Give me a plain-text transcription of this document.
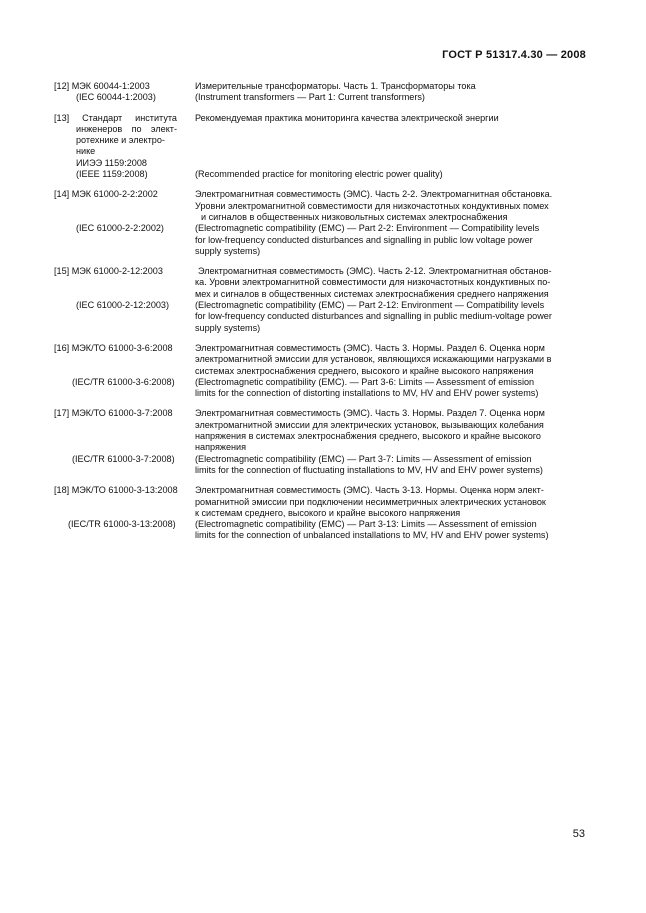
ГОСТ Р 51317.4.30 — 2008
[12] МЭК 60044-1:2003
(IEC 60044-1:2003)
Измерительные трансформаторы. Часть 1. Трансформаторы тока
(Instrument transformers — Part 1: Current transformers)
[13] Стандарт института
инженеров по элект-
ротехнике и электро-
нике
ИИЭЭ 1159:2008
(IEEE 1159:2008)
Рекомендуемая практика мониторинга качества электрической энергии
(Recommended practice for monitoring electric power quality)
[14] МЭК 61000-2-2:2002
(IEC 61000-2-2:2002)
Электромагнитная совместимость (ЭМС). Часть 2-2. Электромагнитная обстановка.
Уровни электромагнитной совместимости для низкочастотных кондуктивных помех
и сигналов в общественных низковольтных системах электроснабжения
(Electromagnetic compatibility (EMC) — Part 2-2: Environment — Compatibility levels
for low-frequency conducted disturbances and signalling in public low voltage power
supply systems)
[15] МЭК 61000-2-12:2003
(IEC 61000-2-12:2003)
Электромагнитная совместимость (ЭМС). Часть 2-12. Электромагнитная обстанов-
ка. Уровни электромагнитной совместимости для низкочастотных кондуктивных по-
мех и сигналов в общественных системах электроснабжения среднего напряжения
(Electromagnetic compatibility (EMC) — Part 2-12: Environment — Compatibility levels
for low-frequency conducted disturbances and signalling in public medium-voltage power
supply systems)
[16] МЭК/ТО 61000-3-6:2008
(IEC/TR 61000-3-6:2008)
Электромагнитная совместимость (ЭМС). Часть 3. Нормы. Раздел 6. Оценка норм
электромагнитной эмиссии для установок, являющихся искажающими нагрузками в
системах электроснабжения среднего, высокого и крайне высокого напряжения
(Electromagnetic compatibility (EMC). — Part 3-6: Limits — Assessment of emission
limits for the connection of distorting installations to MV, HV and EHV power systems)
[17] МЭК/ТО 61000-3-7:2008
(IEC/TR 61000-3-7:2008)
Электромагнитная совместимость (ЭМС). Часть 3. Нормы. Раздел 7. Оценка норм
электромагнитной эмиссии для электрических установок, вызывающих колебания
напряжения в системах электроснабжения среднего, высокого и крайне высокого
напряжения
(Electromagnetic compatibility (EMC) — Part 3-7: Limits — Assessment of emission
limits for the connection of fluctuating installations to MV, HV and EHV power systems)
[18] МЭК/ТО 61000-3-13:2008
(IEC/TR 61000-3-13:2008)
Электромагнитная совместимость (ЭМС). Часть 3-13. Нормы. Оценка норм элект-
ромагнитной эмиссии при подключении несимметричных электрических установок
к системам среднего, высокого и крайне высокого напряжения
(Electromagnetic compatibility (EMC) — Part 3-13: Limits — Assessment of emission
limits for the connection of unbalanced installations to MV, HV and EHV power systems)
53
